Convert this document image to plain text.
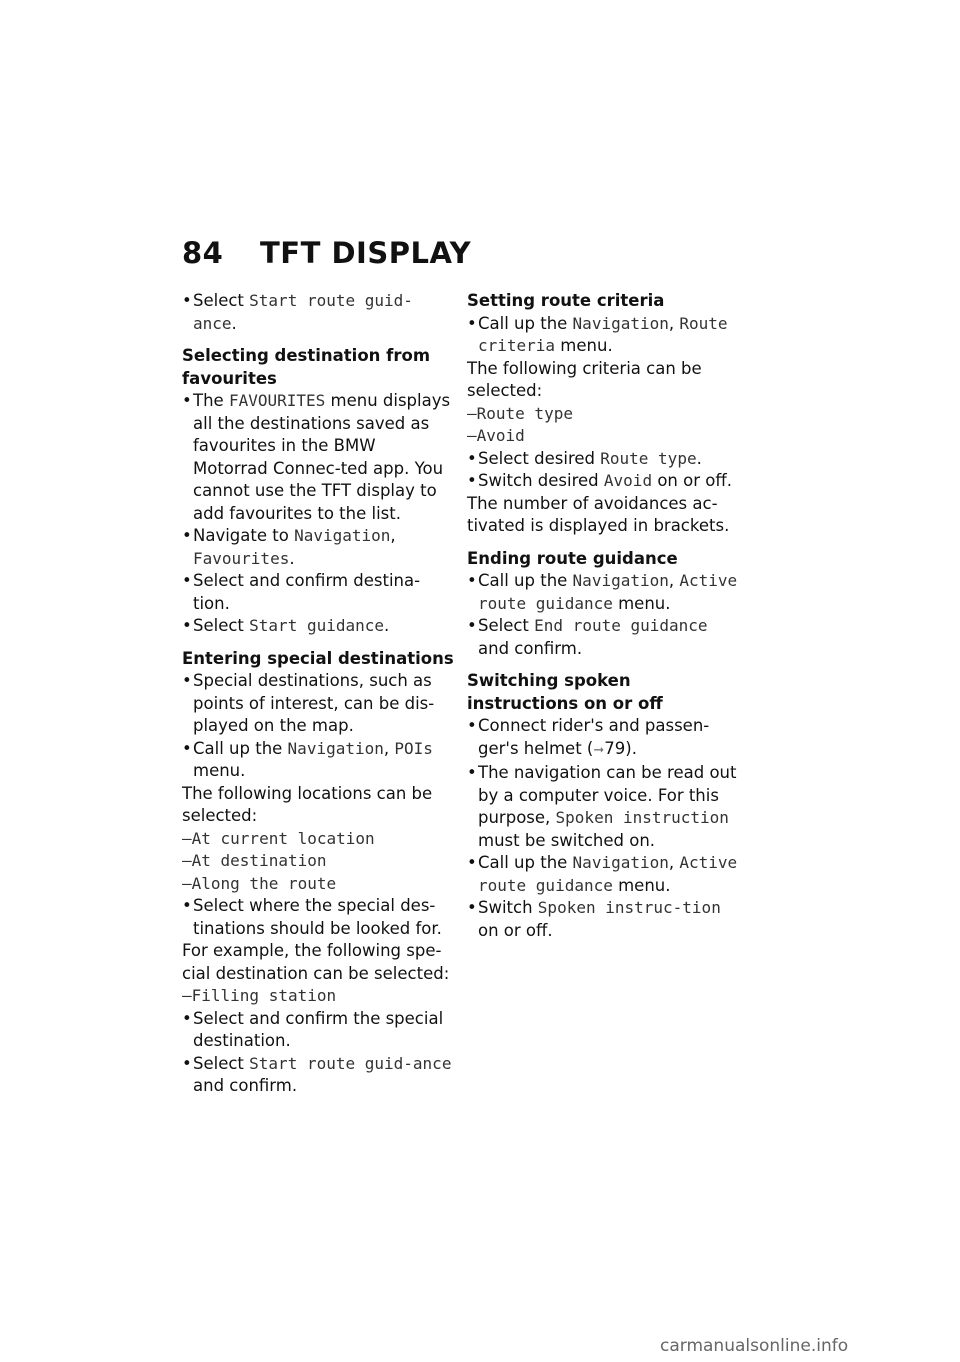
84 TFT DISPLAY
• Select Start route guid-ance.
Selecting destination from favourites
• The FAVOURITES menu displays all the destinations saved as favourites in the BMW Motorrad Connec-ted app. You cannot use the TFT display to add favourites to the list.
• Navigate to Navigation, Favourites.
• Select and confirm destina-tion.
• Select Start guidance.
Entering special destinations
• Special destinations, such as points of interest, can be dis-played on the map.
• Call up the Navigation, POIs menu.
The following locations can be selected:
–At current location
–At destination
–Along the route
• Select where the special des-tinations should be looked for.
For example, the following spe-cial destination can be selected:
–Filling station
• Select and confirm the special destination.
• Select Start route guid-ance and confirm.
Setting route criteria
• Call up the Navigation, Route criteria menu.
The following criteria can be selected:
–Route type
–Avoid
• Select desired Route type.
• Switch desired Avoid on or off.
The number of avoidances ac-tivated is displayed in brackets.
Ending route guidance
• Call up the Navigation, Active route guidance menu.
• Select End route guidance and confirm.
Switching spoken instructions on or off
• Connect rider's and passen-ger's helmet (➞79).
• The navigation can be read out by a computer voice. For this purpose, Spoken instruction must be switched on.
• Call up the Navigation, Active route guidance menu.
• Switch Spoken instruc-tion on or off.
carmanualsonline.info
